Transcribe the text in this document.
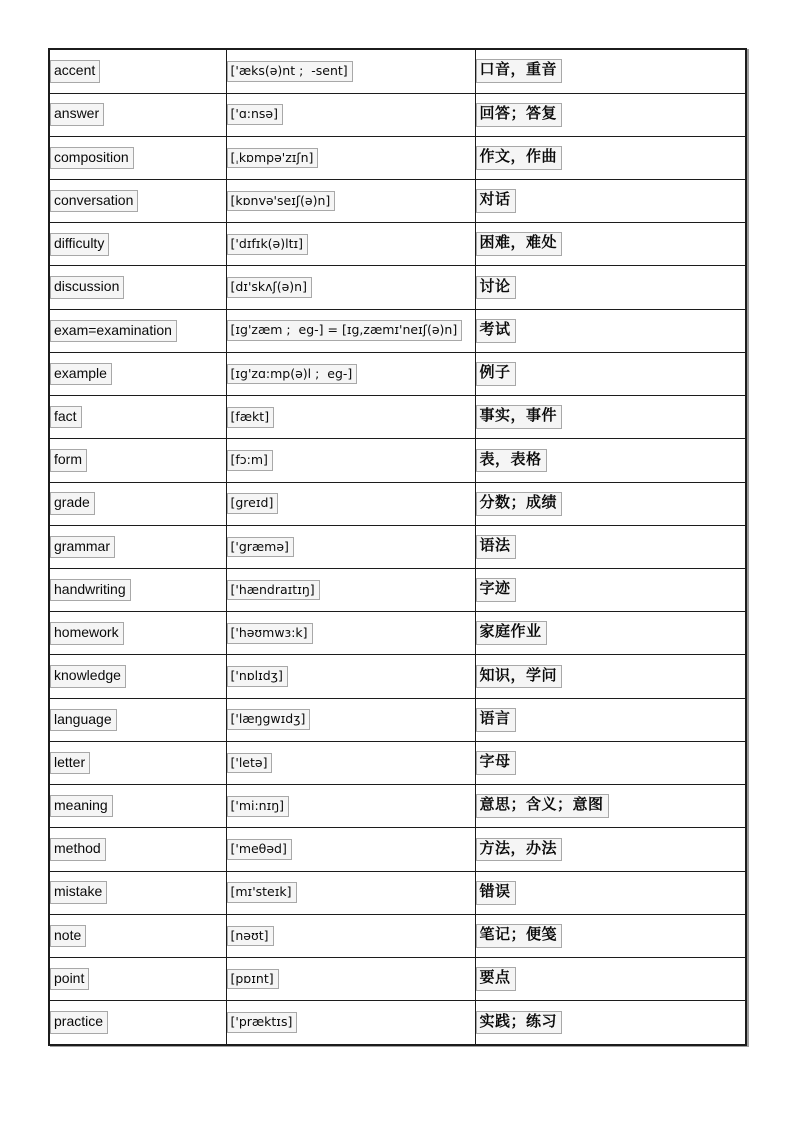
accent	['æks(ə)nt ;  -sent]	口音，重音
answer	['ɑ:nsə]	回答；答复
composition	[ˌkɒmpə'zɪʃn]	作文，作曲
conversation	[kɒnvə'seɪʃ(ə)n]	对话
difficulty	['dɪfɪk(ə)ltɪ]	困难，难处
discussion	[dɪ'skʌʃ(ə)n]	讨论
exam=examination	[ɪg'zæm ;  eg-] = [ɪg,zæmɪ'neɪʃ(ə)n]	考试
example	[ɪg'zɑ:mp(ə)l ;  eg-]	例子
fact	[fækt]	事实，事件
form	[fɔ:m]	表，表格
grade	[greɪd]	分数；成绩
grammar	['græmə]	语法
handwriting	['hændraɪtɪŋ]	字迹
homework	['həʊmwɜ:k]	家庭作业
knowledge	['nɒlɪdʒ]	知识，学问
language	['læŋgwɪdʒ]	语言
letter	['letə]	字母
meaning	['mi:nɪŋ]	意思；含义；意图
method	['meθəd]	方法，办法
mistake	[mɪ'steɪk]	错误
note	[nəʊt]	笔记；便笺
point	[pɒɪnt]	要点
practice	['præktɪs]	实践；练习
